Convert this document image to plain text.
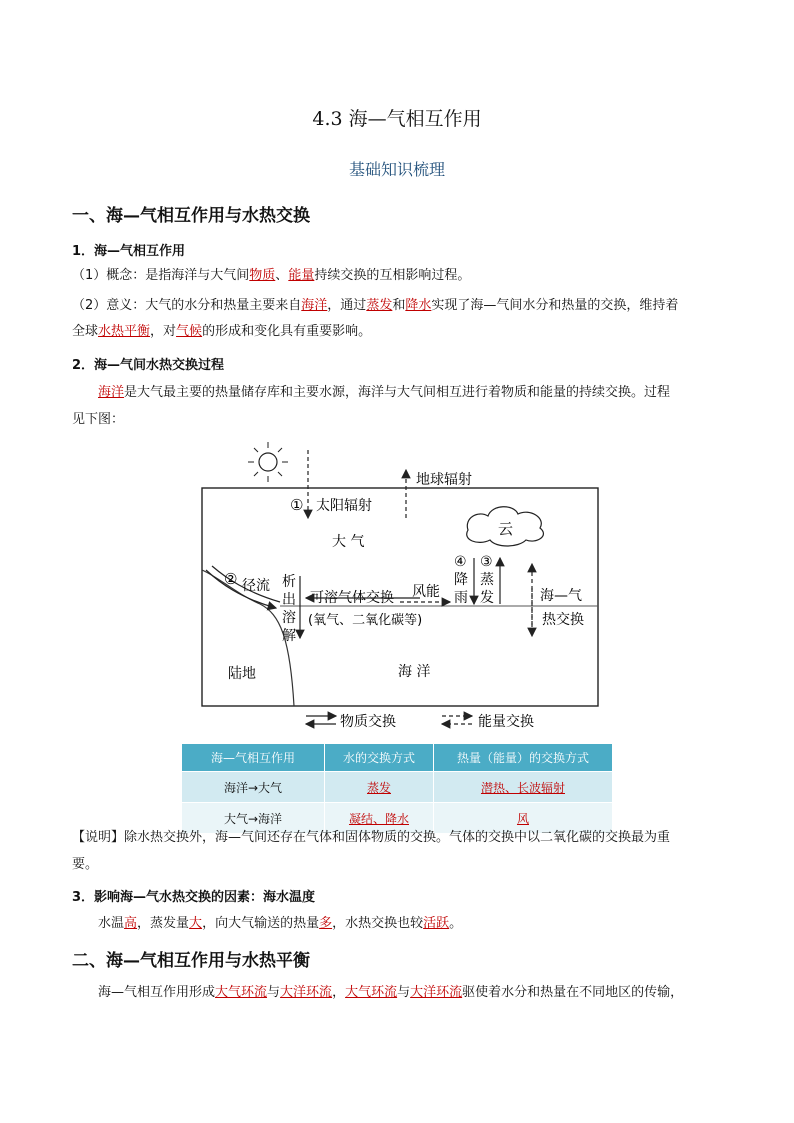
4.3 海—气相互作用
基础知识梳理
一、海—气相互作用与水热交换
1．海—气相互作用
（1）概念：是指海洋与大气间物质、能量持续交换的互相影响过程。
（2）意义：大气的水分和热量主要来自海洋，通过蒸发和降水实现了海—气间水分和热量的交换，维持着
全球水热平衡，对气候的形成和变化具有重要影响。
2．海—气间水热交换过程
海洋是大气最主要的热量储存库和主要水源，海洋与大气间相互进行着物质和能量的持续交换。过程
见下图：
① 太阳辐射
地球辐射
云
大 气
② 径流 析
出
溶
解
可溶气体交换
(氧气、二氧化碳等)
风能
④
降
雨
③
蒸
发	海—气
热交换
陆地	海 洋
物质交换	能量交换
海—气相互作用	水的交换方式	热量（能量）的交换方式
海洋→大气	蒸发	潜热、长波辐射
大气→海洋	凝结、降水	风
【说明】除水热交换外，海—气间还存在气体和固体物质的交换。气体的交换中以二氧化碳的交换最为重
要。
3．影响海—气水热交换的因素：海水温度
水温高，蒸发量大，向大气输送的热量多，水热交换也较活跃。
二、海—气相互作用与水热平衡
海—气相互作用形成大气环流与大洋环流，大气环流与大洋环流驱使着水分和热量在不同地区的传输，
